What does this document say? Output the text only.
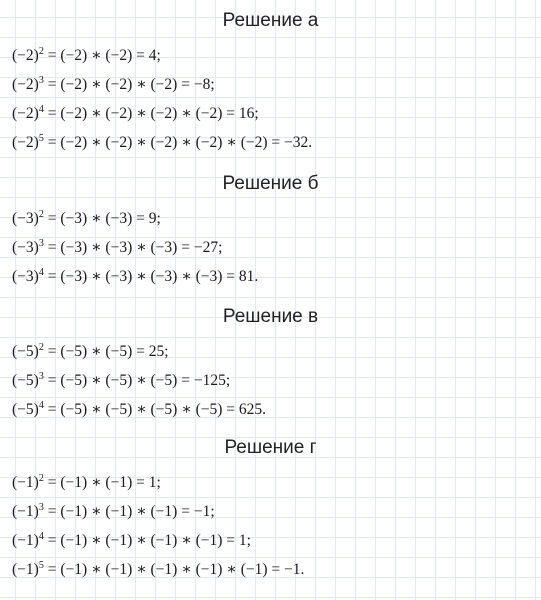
Решение а
$(-2)^2 = (-2)$ ∗ (−2) = 4;
$(-2)^3 = (-2)$ ∗ (−2) ∗ (−2) = −8;
$(-2)^4 = (-2)$ ∗ (−2) ∗ (−2) ∗ (−2) = 16;
$(-2)^5 = (-2)$ ∗ (−2) ∗ (−2) ∗ (−2) ∗ (−2) = −32.
Решение б
$(-3)^2 = (-3)$ ∗ (−3) = 9;
$(-3)^3 = (-3)$ ∗ (−3) ∗ (−3) = −27;
$(-3)^4 = (-3)$ ∗ (−3) ∗ (−3) ∗ (−3) = 81.
Решение в
$(-5)^2 = (-5)$ ∗ (−5) = 25;
$(-5)^3 = (-5)$ ∗ (−5) ∗ (−5) = −125;
$(-5)^4 = (-5)$ ∗ (−5) ∗ (−5) ∗ (−5) = 625.
Решение г
$(-1)^2 = (-1)$ ∗ (−1) = 1;
$(-1)^3 = (-1)$ ∗ (−1) ∗ (−1) = −1;
$(-1)^4 = (-1)$ ∗ (−1) ∗ (−1) ∗ (−1) = 1;
$(-1)^5 = (-1)$ ∗ (−1) ∗ (−1) ∗ (−1) ∗ (−1) = −1.
